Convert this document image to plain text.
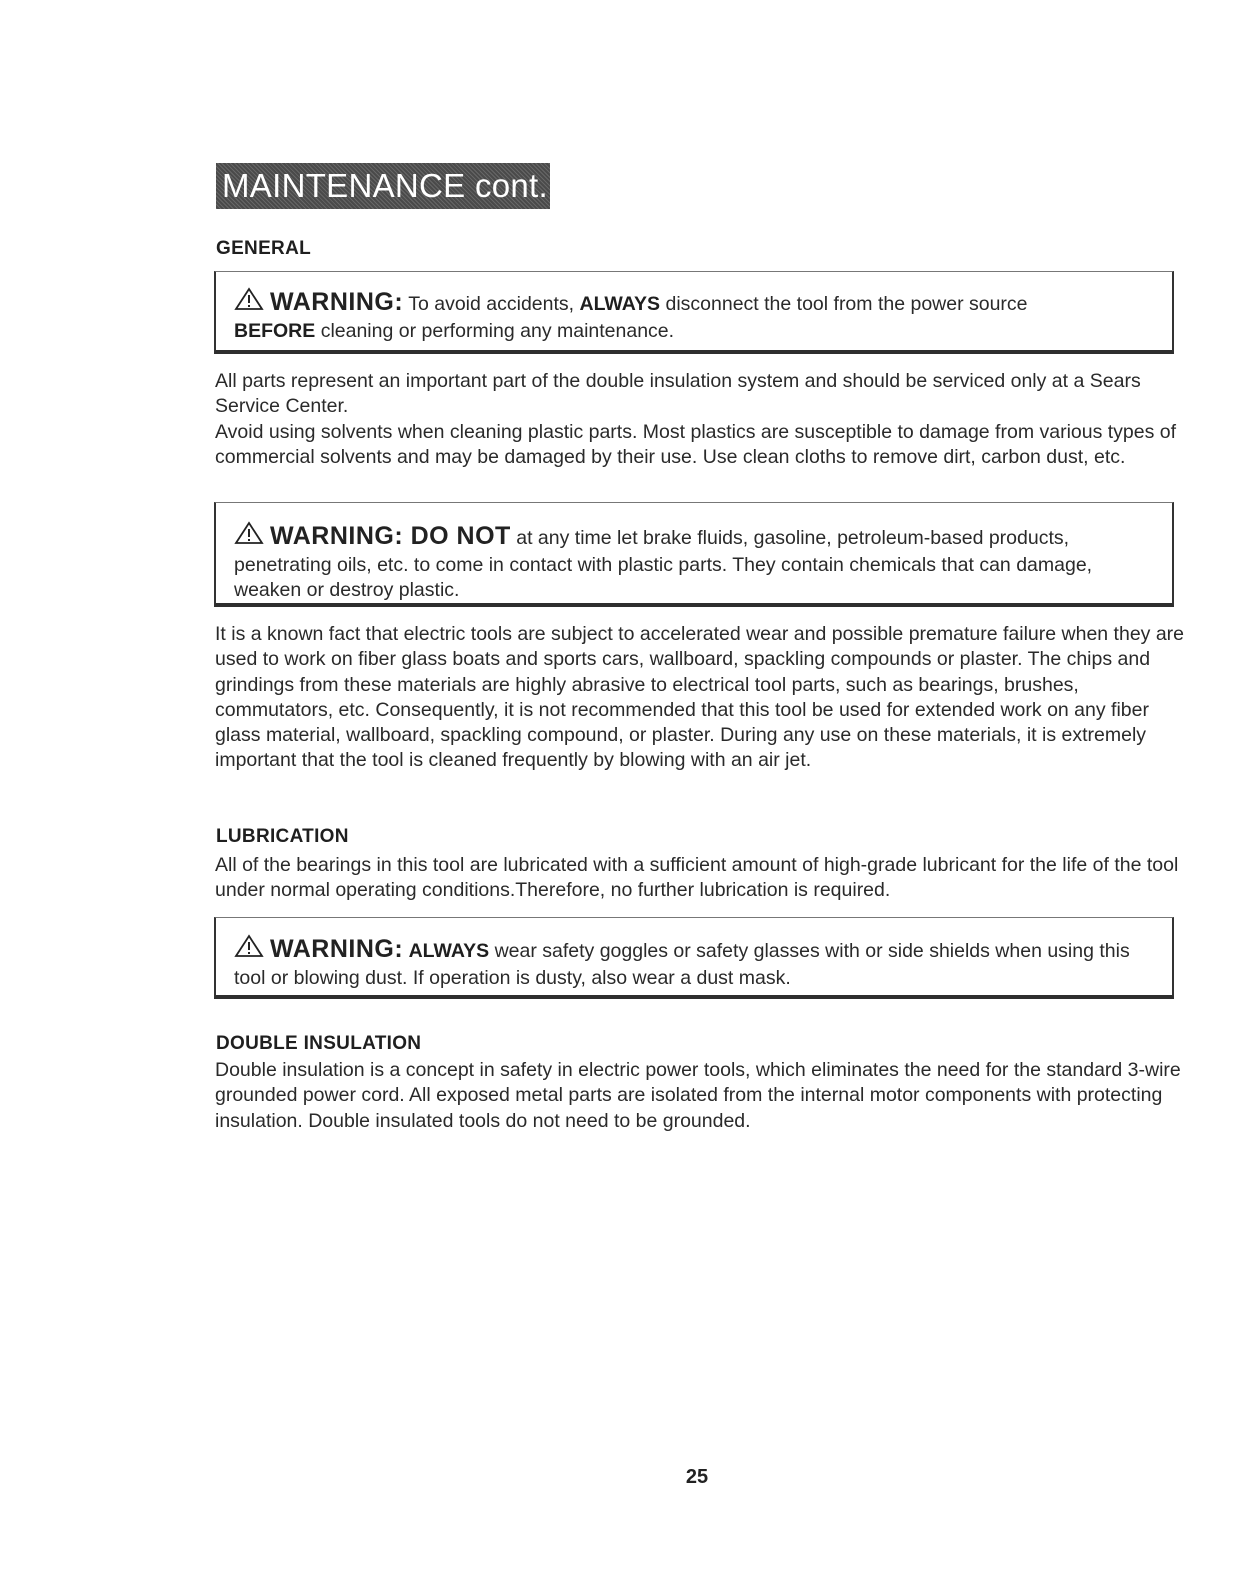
MAINTENANCE cont.
GENERAL
WARNING: To avoid accidents, ALWAYS disconnect the tool from the power source
BEFORE cleaning or performing any maintenance.

All parts represent an important part of the double insulation system and should be serviced only at a Sears Service Center.

Avoid using solvents when cleaning plastic parts. Most plastics are susceptible to damage from various types of commercial solvents and may be damaged by their use. Use clean cloths to remove dirt, carbon dust, etc.

WARNING: DO NOT at any time let brake fluids, gasoline, petroleum-based products, penetrating oils, etc. to come in contact with plastic parts. They contain chemicals that can damage, weaken or destroy plastic.

It is a known fact that electric tools are subject to accelerated wear and possible premature failure when they are used to work on fiber glass boats and sports cars, wallboard, spackling compounds or plaster. The chips and grindings from these materials are highly abrasive to electrical tool parts, such as bearings, brushes, commutators, etc. Consequently, it is not recommended that this tool be used for extended work on any fiber glass material, wallboard, spackling compound, or plaster. During any use on these materials, it is extremely important that the tool is cleaned frequently by blowing with an air jet.

LUBRICATION

All of the bearings in this tool are lubricated with a sufficient amount of high-grade lubricant for the life of the tool under normal operating conditions.Therefore, no further lubrication is required.

WARNING: ALWAYS wear safety goggles or safety glasses with or side shields when using this tool or blowing dust. If operation is dusty, also wear a dust mask.
DOUBLE INSULATION

Double insulation is a concept in safety in electric power tools, which eliminates the need for the standard 3-wire grounded power cord. All exposed metal parts are isolated from the internal motor components with protecting insulation. Double insulated tools do not need to be grounded.

25
